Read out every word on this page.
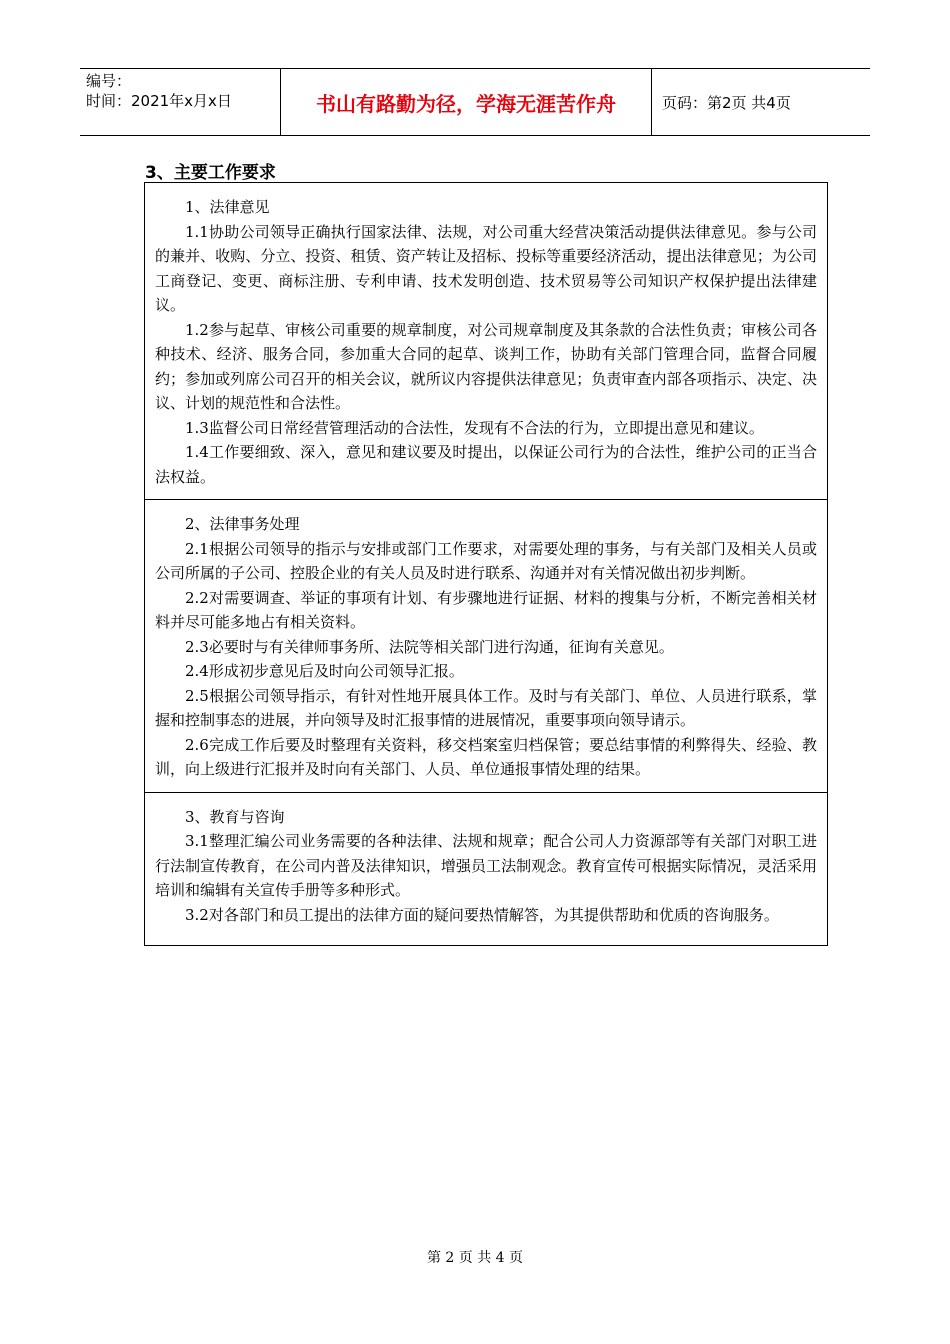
编号：
时间：2021年x月x日	书山有路勤为径，学海无涯苦作舟	页码：第2页 共4页
3、主要工作要求

1、法律意见

1.1协助公司领导正确执行国家法律、法规，对公司重大经营决策活动提供法律意见。参与公司的兼并、收购、分立、投资、租赁、资产转让及招标、投标等重要经济活动，提出法律意见；为公司工商登记、变更、商标注册、专利申请、技术发明创造、技术贸易等公司知识产权保护提出法律建议。

1.2参与起草、审核公司重要的规章制度，对公司规章制度及其条款的合法性负责；审核公司各种技术、经济、服务合同，参加重大合同的起草、谈判工作，协助有关部门管理合同，监督合同履约；参加或列席公司召开的相关会议，就所议内容提供法律意见；负责审查内部各项指示、决定、决议、计划的规范性和合法性。

1.3监督公司日常经营管理活动的合法性，发现有不合法的行为，立即提出意见和建议。

1.4工作要细致、深入，意见和建议要及时提出，以保证公司行为的合法性，维护公司的正当合法权益。

2、法律事务处理

2.1根据公司领导的指示与安排或部门工作要求，对需要处理的事务，与有关部门及相关人员或公司所属的子公司、控股企业的有关人员及时进行联系、沟通并对有关情况做出初步判断。

2.2对需要调查、举证的事项有计划、有步骤地进行证据、材料的搜集与分析，不断完善相关材料并尽可能多地占有相关资料。

2.3必要时与有关律师事务所、法院等相关部门进行沟通，征询有关意见。

2.4形成初步意见后及时向公司领导汇报。

2.5根据公司领导指示，有针对性地开展具体工作。及时与有关部门、单位、人员进行联系，掌握和控制事态的进展，并向领导及时汇报事情的进展情况，重要事项向领导请示。

2.6完成工作后要及时整理有关资料，移交档案室归档保管；要总结事情的利弊得失、经验、教训，向上级进行汇报并及时向有关部门、人员、单位通报事情处理的结果。

3、教育与咨询

3.1整理汇编公司业务需要的各种法律、法规和规章；配合公司人力资源部等有关部门对职工进行法制宣传教育，在公司内普及法律知识，增强员工法制观念。教育宣传可根据实际情况，灵活采用培训和编辑有关宣传手册等多种形式。

3.2对各部门和员工提出的法律方面的疑问要热情解答，为其提供帮助和优质的咨询服务。

第 2 页 共 4 页
